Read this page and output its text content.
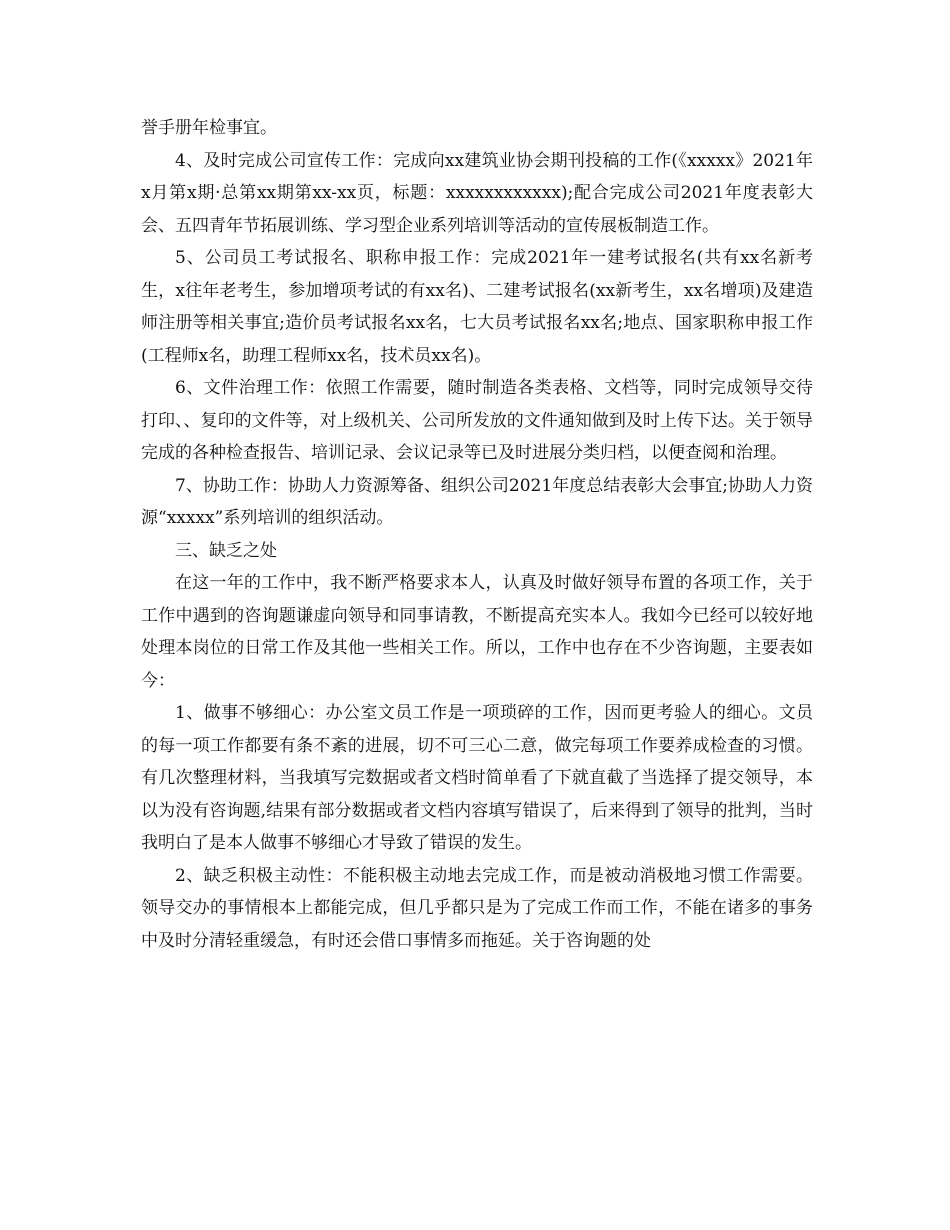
誉手册年检事宜。

4、及时完成公司宣传工作：完成向xx建筑业协会期刊投稿的工作(《xxxxx》2021年x月第x期·总第xx期第xx-xx页，标题：xxxxxxxxxxxx);配合完成公司2021年度表彰大会、五四青年节拓展训练、学习型企业系列培训等活动的宣传展板制造工作。

5、公司员工考试报名、职称申报工作：完成2021年一建考试报名(共有xx名新考生，x往年老考生，参加增项考试的有xx名)、二建考试报名(xx新考生，xx名增项)及建造师注册等相关事宜;造价员考试报名xx名，七大员考试报名xx名;地点、国家职称申报工作(工程师x名，助理工程师xx名，技术员xx名)。

6、文件治理工作：依照工作需要，随时制造各类表格、文档等，同时完成领导交待打印、、复印的文件等，对上级机关、公司所发放的文件通知做到及时上传下达。关于领导完成的各种检查报告、培训记录、会议记录等已及时进展分类归档，以便查阅和治理。

7、协助工作：协助人力资源筹备、组织公司2021年度总结表彰大会事宜;协助人力资源“xxxxx”系列培训的组织活动。

三、缺乏之处

在这一年的工作中，我不断严格要求本人，认真及时做好领导布置的各项工作，关于工作中遇到的咨询题谦虚向领导和同事请教，不断提高充实本人。我如今已经可以较好地处理本岗位的日常工作及其他一些相关工作。所以，工作中也存在不少咨询题，主要表如今：

1、做事不够细心：办公室文员工作是一项琐碎的工作，因而更考验人的细心。文员的每一项工作都要有条不紊的进展，切不可三心二意，做完每项工作要养成检查的习惯。有几次整理材料，当我填写完数据或者文档时简单看了下就直截了当选择了提交领导，本以为没有咨询题,结果有部分数据或者文档内容填写错误了，后来得到了领导的批判，当时我明白了是本人做事不够细心才导致了错误的发生。

2、缺乏积极主动性：不能积极主动地去完成工作，而是被动消极地习惯工作需要。领导交办的事情根本上都能完成，但几乎都只是为了完成工作而工作，不能在诸多的事务中及时分清轻重缓急，有时还会借口事情多而拖延。关于咨询题的处
